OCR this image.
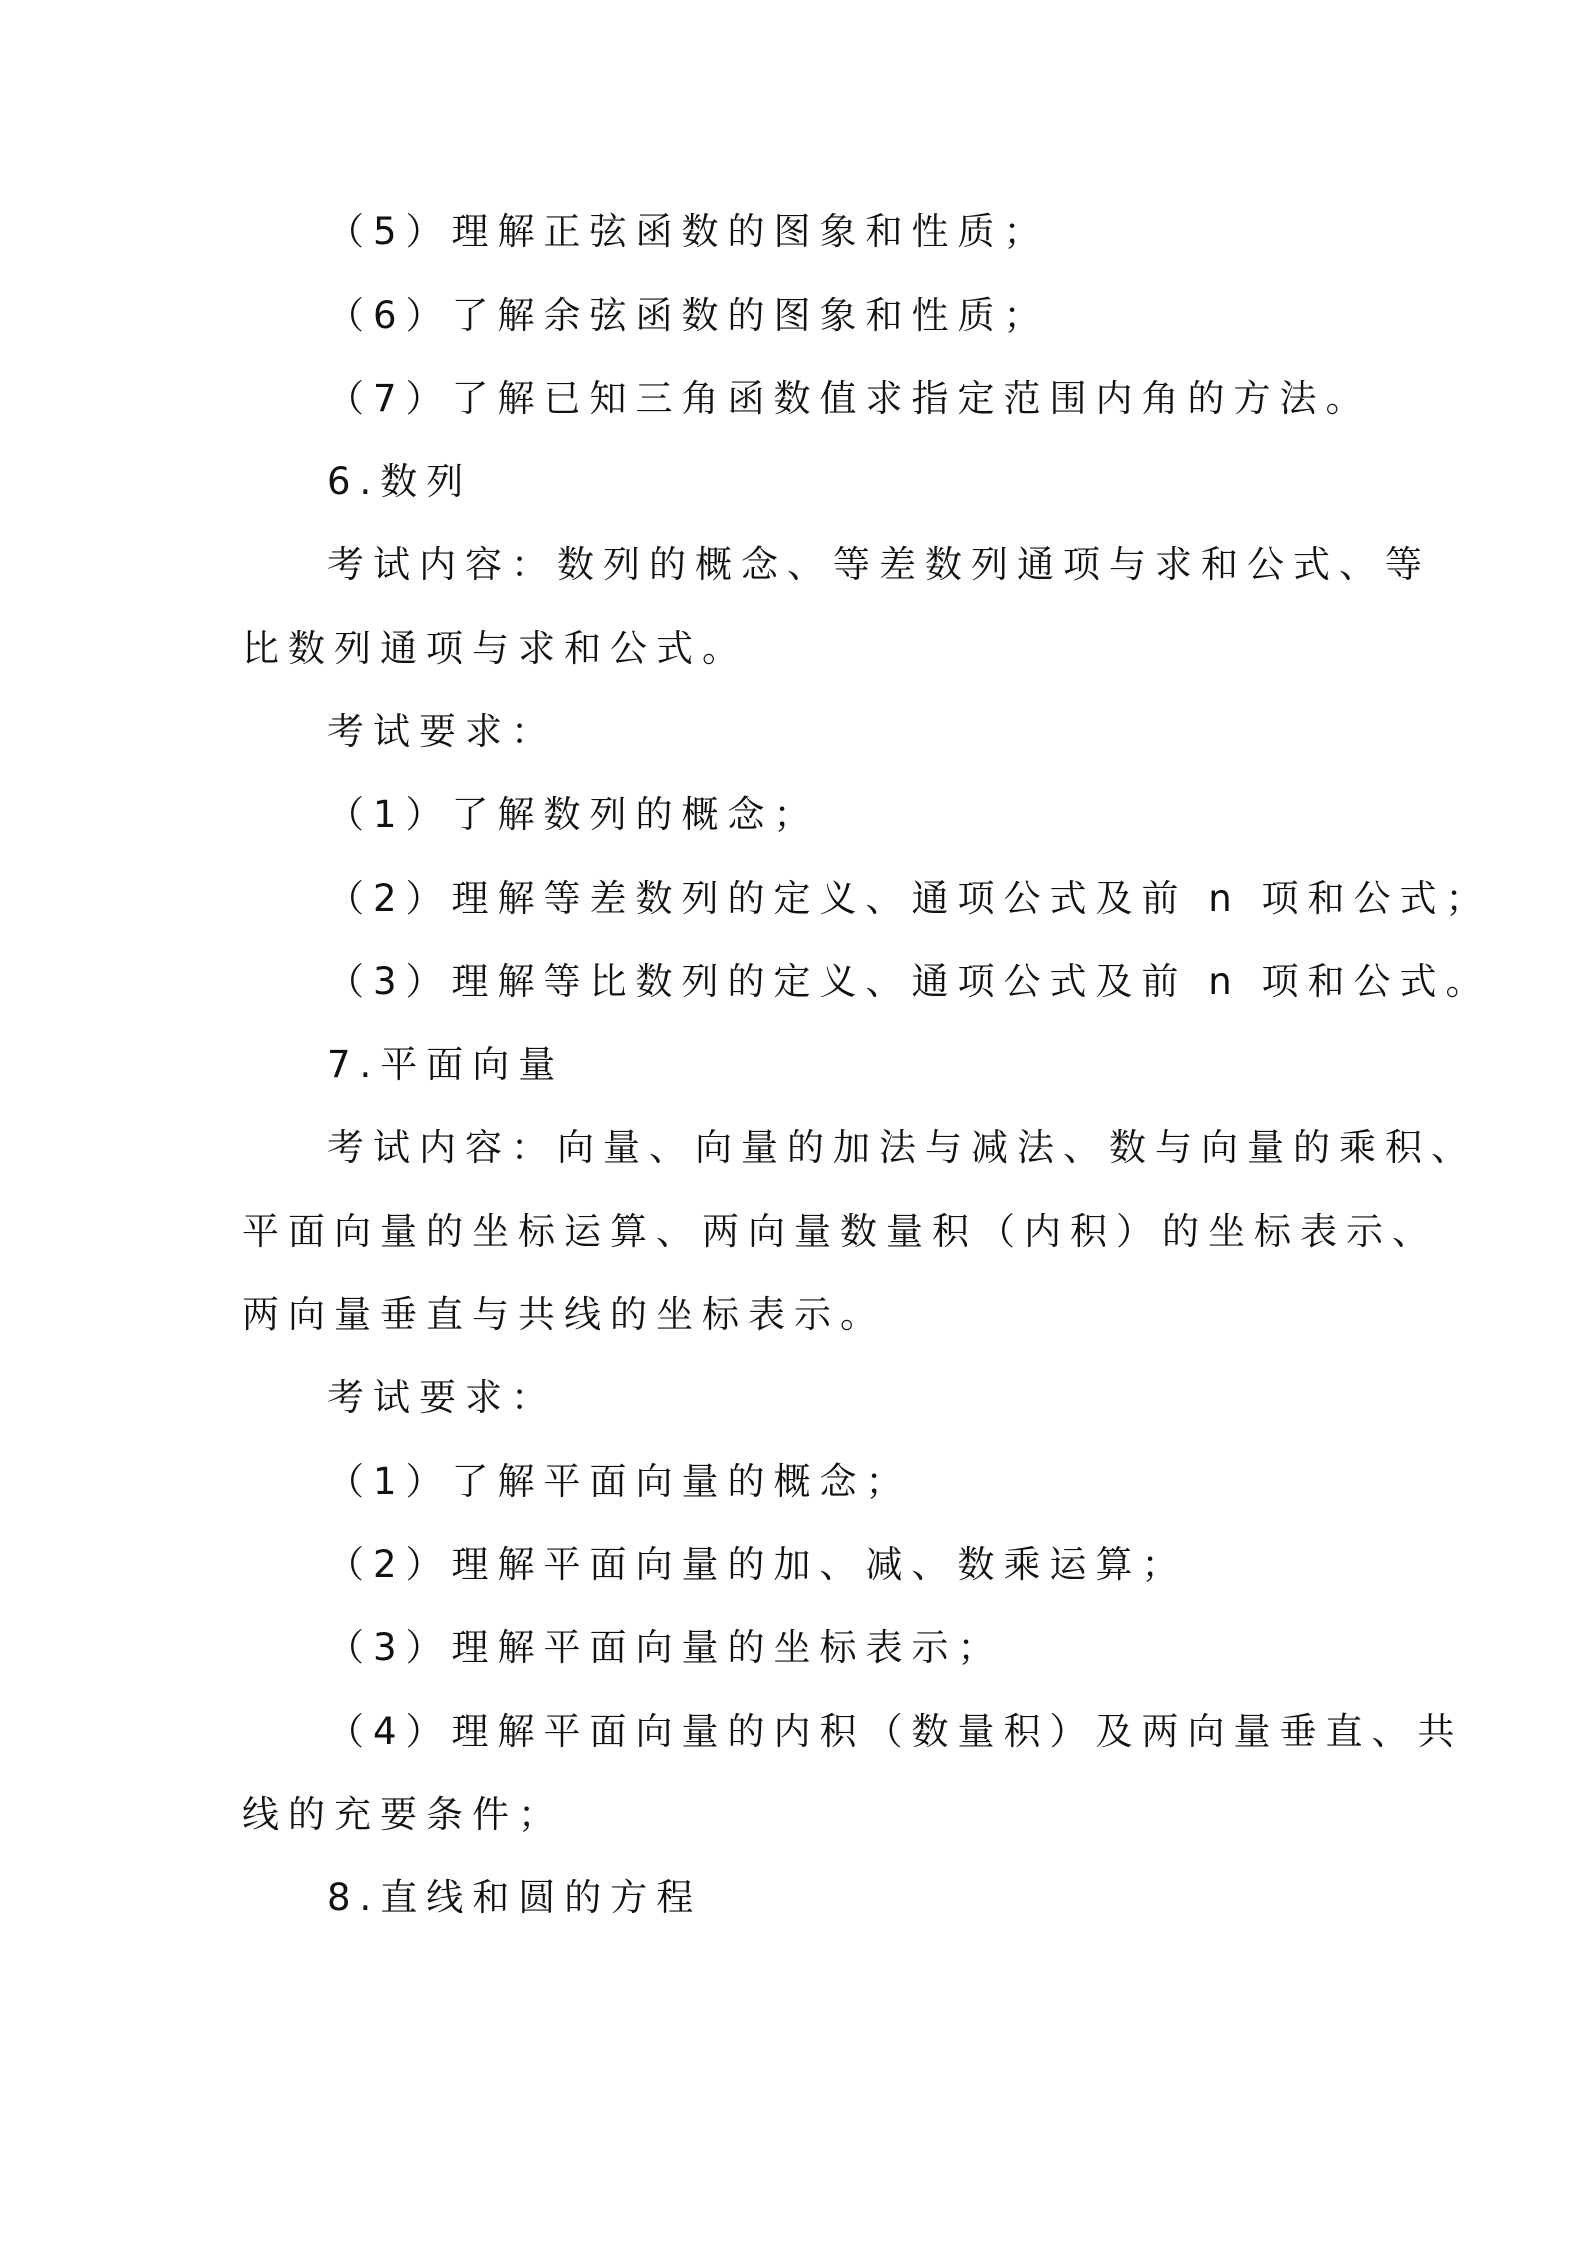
（5）理解正弦函数的图象和性质；
（6）了解余弦函数的图象和性质；
（7）了解已知三角函数值求指定范围内角的方法。
6.数列
考试内容：数列的概念、等差数列通项与求和公式、等
比数列通项与求和公式。
考试要求：
（1）了解数列的概念；
（2）理解等差数列的定义、通项公式及前 n 项和公式；
（3）理解等比数列的定义、通项公式及前 n 项和公式。
7.平面向量
考试内容：向量、向量的加法与减法、数与向量的乘积、
平面向量的坐标运算、两向量数量积（内积）的坐标表示、
两向量垂直与共线的坐标表示。
考试要求：
（1）了解平面向量的概念；
（2）理解平面向量的加、减、数乘运算；
（3）理解平面向量的坐标表示；
（4）理解平面向量的内积（数量积）及两向量垂直、共
线的充要条件；
8.直线和圆的方程
